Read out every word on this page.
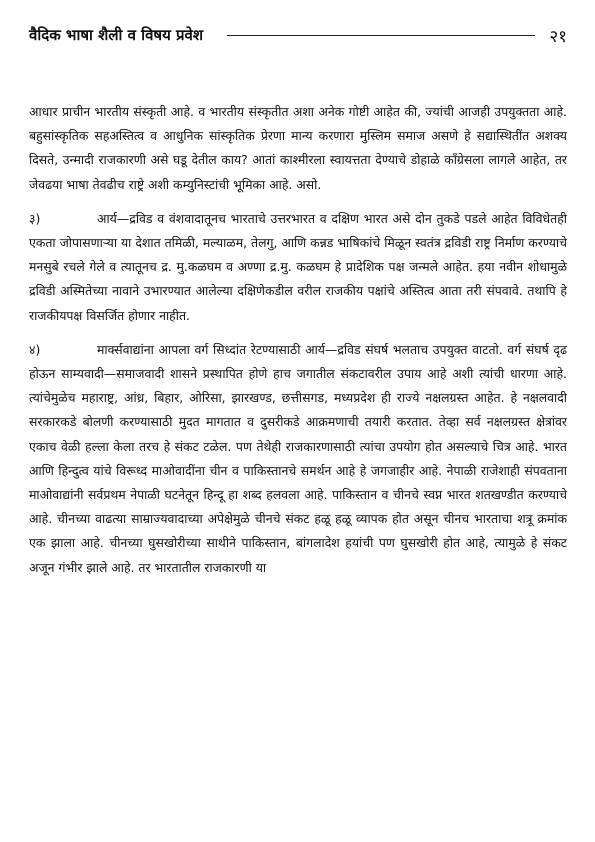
वैदिक भाषा शैली व विषय प्रवेश	२१

आधार प्राचीन भारतीय संस्कृती आहे. व भारतीय संस्कृतीत अशा अनेक गोष्टी आहेत की, ज्यांची आजही उपयुक्तता आहे. बहुसांस्कृतिक सहअस्तित्व व आधुनिक सांस्कृतिक प्रेरणा मान्य करणारा मुस्लिम समाज असणे हे सद्यास्थितींत अशक्य दिसते, उन्मादी राजकारणी असे घडू देतील काय? आतां काश्मीरला स्वायत्तता देण्याचे डोहाळे कॉंग्रेसला लागले आहेत, तर जेवढया भाषा तेवढीच राष्ट्रे अशी कम्युनिस्टांची भूमिका आहे. असो.

३)	आर्य—द्रविड व वंशवादातूनच भारताचे उत्तरभारत व दक्षिण भारत असे दोन तुकडे पडले आहेत विविधेतही एकता जोपासणाऱ्या या देशात तमिळी, मल्याळम, तेलगु, आणि कन्नड भाषिकांचे मिळून स्वतंत्र द्रविडी राष्ट्र निर्माण करण्याचे मनसुबे रचले गेले व त्यातूनच द्र. मु.कळघम व अण्णा द्र.मु. कळघम हे प्रादेशिक पक्ष जन्मले आहेत. हया नवीन शोधामुळे द्रविडी अस्मितेच्या नावाने उभारण्यात आलेल्या दक्षिणेकडील वरील राजकीय पक्षांचे अस्तित्व आता तरी संपवावे. तथापि हे राजकीयपक्ष विसर्जित होणार नाहीत.

४)	मार्क्सवाद्यांना आपला वर्ग सिध्दांत रेटण्यासाठी आर्य—द्रविड संघर्ष भलताच उपयुक्त वाटतो. वर्ग संघर्ष दृढ होऊन साम्यवादी—समाजवादी शासने प्रस्थापित होणे हाच जगातील संकटावरील उपाय आहे अशी त्यांची धारणा आहे. त्यांचेमुळेच महाराष्ट्र, आंध्र, बिहार, ओरिसा, झारखण्ड, छत्तीसगड, मध्यप्रदेश ही राज्ये नक्षलग्रस्त आहेत. हे नक्षलवादी सरकारकडे बोलणी करण्यासाठी मुदत मागतात व दुसरीकडे आक्रमणाची तयारी करतात. तेव्हा सर्व नक्षलग्रस्त क्षेत्रांवर एकाच वेळी हल्ला केला तरच हे संकट टळेल. पण तेथेही राजकारणासाठी त्यांचा उपयोग होत असल्याचे चित्र आहे. भारत आणि हिन्दुत्व यांचे विरूध्द माओवादींना चीन व पाकिस्तानचे समर्थन आहे हे जगजाहीर आहे. नेपाळी राजेशाही संपवताना माओवाद्यांनी सर्वप्रथम नेपाळी घटनेतून हिन्दू हा शब्द हलवला आहे. पाकिस्तान व चीनचे स्वप्न भारत शतखण्डीत करण्याचे आहे. चीनच्या वाढत्या साम्राज्यवादाच्या अपेक्षेमुळे चीनचे संकट हळू हळू व्यापक होत असून चीनच भारताचा शत्रू क्रमांक एक झाला आहे. चीनच्या घुसखोरीच्या साथीने पाकिस्तान, बांगलादेश हयांची पण घुसखोरी होत आहे, त्यामुळे हे संकट अजून गंभीर झाले आहे. तर भारतातील राजकारणी या
